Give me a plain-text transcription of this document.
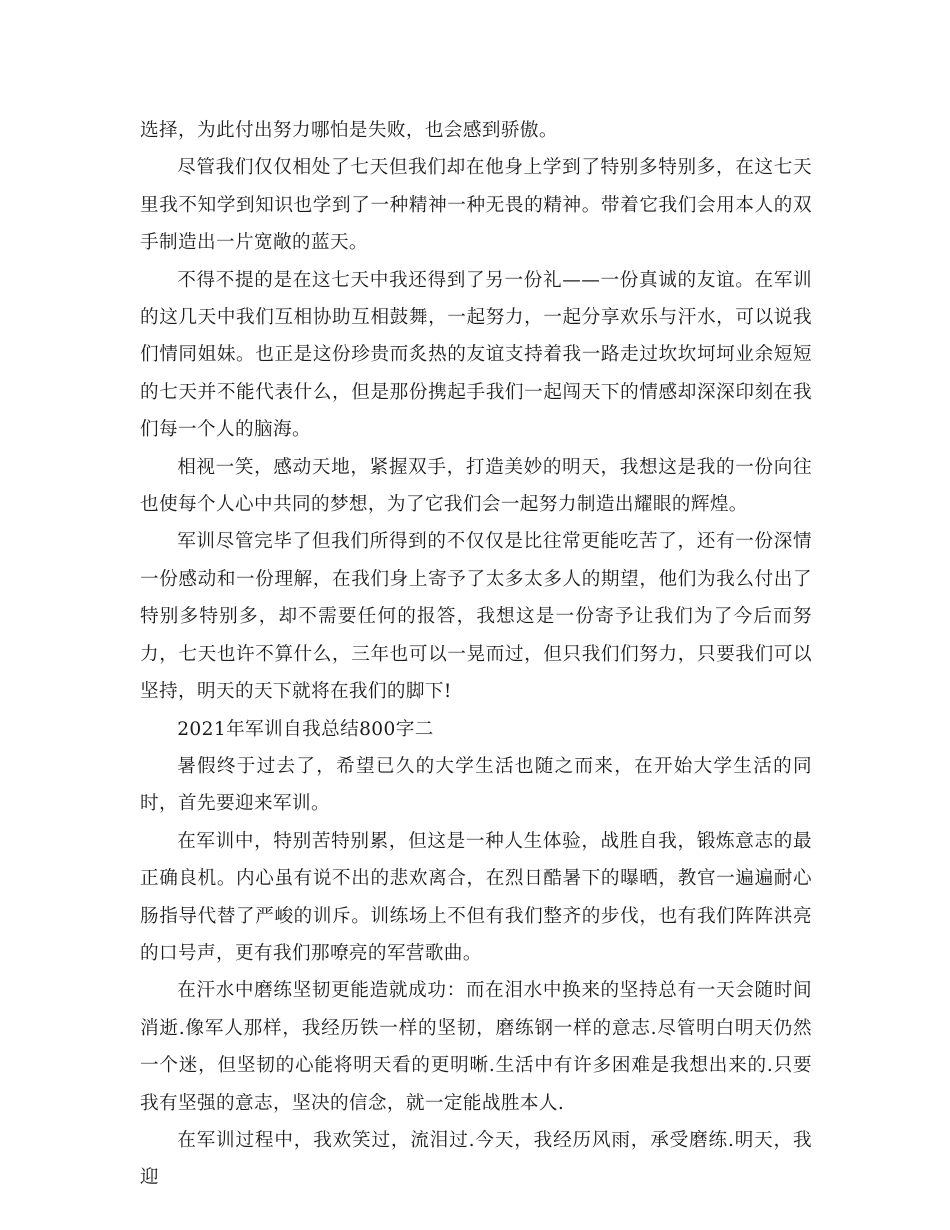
选择，为此付出努力哪怕是失败，也会感到骄傲。

尽管我们仅仅相处了七天但我们却在他身上学到了特别多特别多，在这七天里我不知学到知识也学到了一种精神一种无畏的精神。带着它我们会用本人的双手制造出一片宽敞的蓝天。

不得不提的是在这七天中我还得到了另一份礼——一份真诚的友谊。在军训的这几天中我们互相协助互相鼓舞，一起努力，一起分享欢乐与汗水，可以说我们情同姐妹。也正是这份珍贵而炙热的友谊支持着我一路走过坎坎坷坷业余短短的七天并不能代表什么，但是那份携起手我们一起闯天下的情感却深深印刻在我们每一个人的脑海。

相视一笑，感动天地，紧握双手，打造美妙的明天，我想这是我的一份向往也使每个人心中共同的梦想，为了它我们会一起努力制造出耀眼的辉煌。

军训尽管完毕了但我们所得到的不仅仅是比往常更能吃苦了，还有一份深情一份感动和一份理解，在我们身上寄予了太多太多人的期望，他们为我么付出了特别多特别多，却不需要任何的报答，我想这是一份寄予让我们为了今后而努力，七天也许不算什么，三年也可以一晃而过，但只我们们努力，只要我们可以坚持，明天的天下就将在我们的脚下!

2021年军训自我总结800字二

暑假终于过去了，希望已久的大学生活也随之而来，在开始大学生活的同时，首先要迎来军训。

在军训中，特别苦特别累，但这是一种人生体验，战胜自我，锻炼意志的最正确良机。内心虽有说不出的悲欢离合，在烈日酷暑下的曝晒，教官一遍遍耐心肠指导代替了严峻的训斥。训练场上不但有我们整齐的步伐，也有我们阵阵洪亮的口号声，更有我们那嘹亮的军营歌曲。

在汗水中磨练坚韧更能造就成功：而在泪水中换来的坚持总有一天会随时间消逝.像军人那样，我经历铁一样的坚韧，磨练钢一样的意志.尽管明白明天仍然一个迷，但坚韧的心能将明天看的更明晰.生活中有许多困难是我想出来的.只要我有坚强的意志，坚决的信念，就一定能战胜本人.

在军训过程中，我欢笑过，流泪过.今天，我经历风雨，承受磨练.明天，我迎
